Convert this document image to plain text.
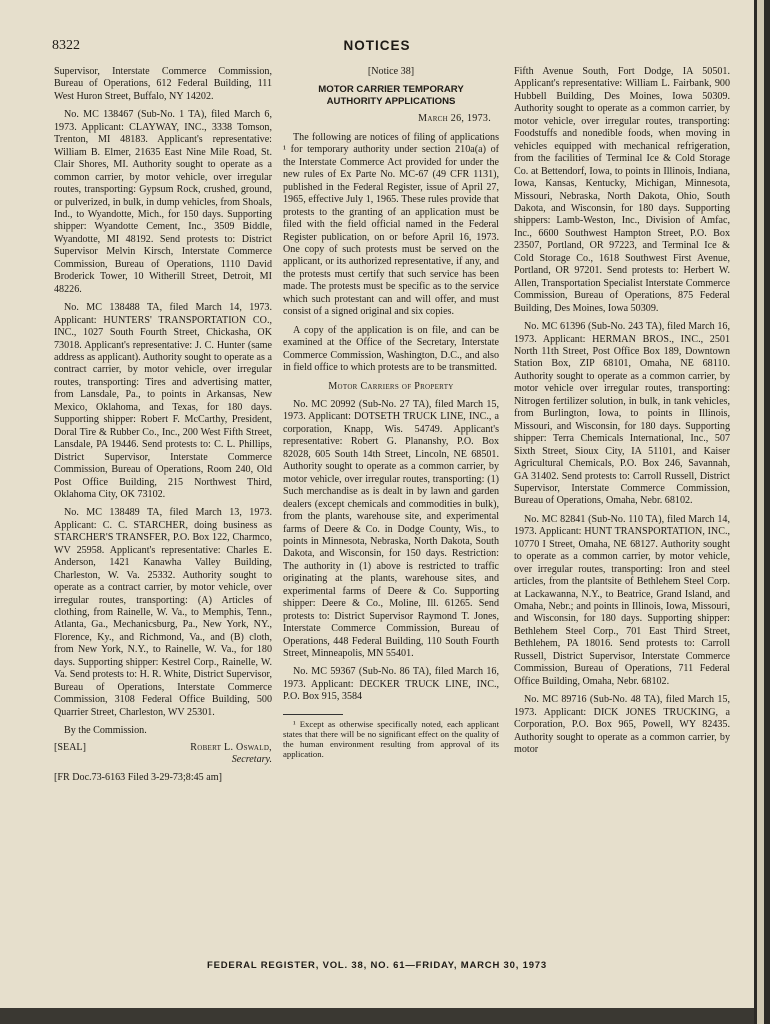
8322	NOTICES

Supervisor, Interstate Commerce Commission, Bureau of Operations, 612 Federal Building, 111 West Huron Street, Buffalo, NY 14202.

No. MC 138467 (Sub-No. 1 TA), filed March 6, 1973. Applicant: CLAYWAY, INC., 3338 Tomson, Trenton, MI 48183. Applicant's representative: William B. Elmer, 21635 East Nine Mile Road, St. Clair Shores, MI. Authority sought to operate as a common carrier, by motor vehicle, over irregular routes, transporting: Gypsum Rock, crushed, ground, or pulverized, in bulk, in dump vehicles, from Shoals, Ind., to Wyandotte, Mich., for 150 days. Supporting shipper: Wyandotte Cement, Inc., 3509 Biddle, Wyandotte, MI 48192. Send protests to: District Supervisor Melvin Kirsch, Interstate Commerce Commission, Bureau of Operations, 1110 David Broderick Tower, 10 Witherill Street, Detroit, MI 48226.

No. MC 138488 TA, filed March 14, 1973. Applicant: HUNTERS' TRANSPORTATION CO., INC., 1027 South Fourth Street, Chickasha, OK 73018. Applicant's representative: J. C. Hunter (same address as applicant). Authority sought to operate as a contract carrier, by motor vehicle, over irregular routes, transporting: Tires and advertising matter, from Lansdale, Pa., to points in Arkansas, New Mexico, Oklahoma, and Texas, for 180 days. Supporting shipper: Robert F. McCarthy, President, Doral Tire & Rubber Co., Inc., 200 West Fifth Street, Lansdale, PA 19446. Send protests to: C. L. Phillips, District Supervisor, Interstate Commerce Commission, Bureau of Operations, Room 240, Old Post Office Building, 215 Northwest Third, Oklahoma City, OK 73102.

No. MC 138489 TA, filed March 13, 1973. Applicant: C. C. STARCHER, doing business as STARCHER'S TRANSFER, P.O. Box 122, Charmco, WV 25958. Applicant's representative: Charles E. Anderson, 1421 Kanawha Valley Building, Charleston, W. Va. 25332. Authority sought to operate as a contract carrier, by motor vehicle, over irregular routes, transporting: (A) Articles of clothing, from Rainelle, W. Va., to Memphis, Tenn., Atlanta, Ga., Mechanicsburg, Pa., New York, NY., Florence, Ky., and Richmond, Va., and (B) cloth, from New York, N.Y., to Rainelle, W. Va., for 180 days. Supporting shipper: Kestrel Corp., Rainelle, W. Va. Send protests to: H. R. White, District Supervisor, Bureau of Operations, Interstate Commerce Commission, 3108 Federal Office Building, 500 Quarrier Street, Charleston, WV 25301.

By the Commission.

[SEAL]	Robert L. Oswald,
Secretary.

[FR Doc.73-6163 Filed 3-29-73;8:45 am]

[Notice 38]

MOTOR CARRIER TEMPORARY AUTHORITY APPLICATIONS

March 26, 1973.

The following are notices of filing of applications ¹ for temporary authority under section 210a(a) of the Interstate Commerce Act provided for under the new rules of Ex Parte No. MC-67 (49 CFR 1131), published in the Federal Register, issue of April 27, 1965, effective July 1, 1965. These rules provide that protests to the granting of an application must be filed with the field official named in the Federal Register publication, on or before April 16, 1973. One copy of such protests must be served on the applicant, or its authorized representative, if any, and the protests must certify that such service has been made. The protests must be specific as to the service which such protestant can and will offer, and must consist of a signed original and six copies.

A copy of the application is on file, and can be examined at the Office of the Secretary, Interstate Commerce Commission, Washington, D.C., and also in field office to which protests are to be transmitted.

Motor Carriers of Property

No. MC 20992 (Sub-No. 27 TA), filed March 15, 1973. Applicant: DOTSETH TRUCK LINE, INC., a corporation, Knapp, Wis. 54749. Applicant's representative: Robert G. Plananshy, P.O. Box 82028, 605 South 14th Street, Lincoln, NE 68501. Authority sought to operate as a common carrier, by motor vehicle, over irregular routes, transporting: (1) Such merchandise as is dealt in by lawn and garden dealers (except chemicals and commodities in bulk), from the plants, warehouse site, and experimental farms of Deere & Co. in Dodge County, Wis., to points in Minnesota, Nebraska, North Dakota, South Dakota, and Wisconsin, for 150 days. Restriction: The authority in (1) above is restricted to traffic originating at the plants, warehouse sites, and experimental farms of Deere & Co. Supporting shipper: Deere & Co., Moline, Ill. 61265. Send protests to: District Supervisor Raymond T. Jones, Interstate Commerce Commission, Bureau of Operations, 448 Federal Building, 110 South Fourth Street, Minneapolis, MN 55401.

No. MC 59367 (Sub-No. 86 TA), filed March 16, 1973. Applicant: DECKER TRUCK LINE, INC., P.O. Box 915, 3584

¹ Except as otherwise specifically noted, each applicant states that there will be no significant effect on the quality of the human environment resulting from approval of its application.

Fifth Avenue South, Fort Dodge, IA 50501. Applicant's representative: William L. Fairbank, 900 Hubbell Building, Des Moines, Iowa 50309. Authority sought to operate as a common carrier, by motor vehicle, over irregular routes, transporting: Foodstuffs and nonedible foods, when moving in vehicles equipped with mechanical refrigeration, from the facilities of Terminal Ice & Cold Storage Co. at Bettendorf, Iowa, to points in Illinois, Indiana, Iowa, Kansas, Kentucky, Michigan, Minnesota, Missouri, Nebraska, North Dakota, Ohio, South Dakota, and Wisconsin, for 180 days. Supporting shippers: Lamb-Weston, Inc., Division of Amfac, Inc., 6600 Southwest Hampton Street, P.O. Box 23507, Portland, OR 97223, and Terminal Ice & Cold Storage Co., 1618 Southwest First Avenue, Portland, OR 97201. Send protests to: Herbert W. Allen, Transportation Specialist Interstate Commerce Commission, Bureau of Operations, 875 Federal Building, Des Moines, Iowa 50309.

No. MC 61396 (Sub-No. 243 TA), filed March 16, 1973. Applicant: HERMAN BROS., INC., 2501 North 11th Street, Post Office Box 189, Downtown Station Box, ZIP 68101, Omaha, NE 68110. Authority sought to operate as a common carrier, by motor vehicle over irregular routes, transporting: Nitrogen fertilizer solution, in bulk, in tank vehicles, from Burlington, Iowa, to points in Illinois, Missouri, and Wisconsin, for 180 days. Supporting shipper: Terra Chemicals International, Inc., 507 Sixth Street, Sioux City, IA 51101, and Kaiser Agricultural Chemicals, P.O. Box 246, Savannah, GA 31402. Send protests to: Carroll Russell, District Supervisor, Interstate Commerce Commission, Bureau of Operations, Omaha, Nebr. 68102.

No. MC 82841 (Sub-No. 110 TA), filed March 14, 1973. Applicant: HUNT TRANSPORTATION, INC., 10770 I Street, Omaha, NE 68127. Authority sought to operate as a common carrier, by motor vehicle, over irregular routes, transporting: Iron and steel articles, from the plantsite of Bethlehem Steel Corp. at Lackawanna, N.Y., to Beatrice, Grand Island, and Omaha, Nebr.; and points in Illinois, Iowa, Missouri, and Wisconsin, for 180 days. Supporting shipper: Bethlehem Steel Corp., 701 East Third Street, Bethlehem, PA 18016. Send protests to: Carroll Russell, District Supervisor, Interstate Commerce Commission, Bureau of Operations, 711 Federal Office Building, Omaha, Nebr. 68102.

No. MC 89716 (Sub-No. 48 TA), filed March 15, 1973. Applicant: DICK JONES TRUCKING, a Corporation, P.O. Box 965, Powell, WY 82435. Authority sought to operate as a common carrier, by motor

FEDERAL REGISTER, VOL. 38, NO. 61—FRIDAY, MARCH 30, 1973
